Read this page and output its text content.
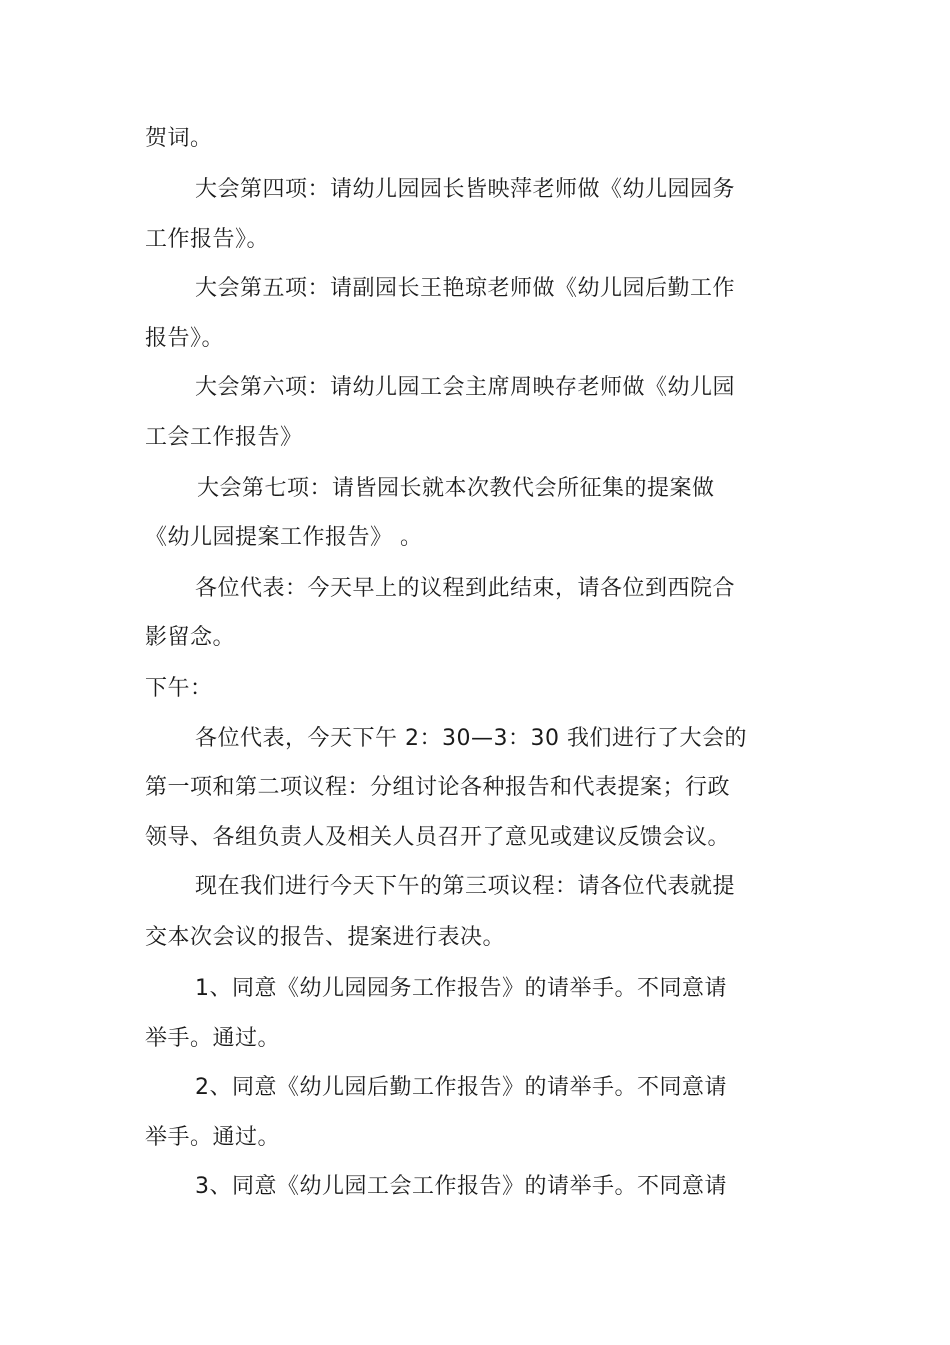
贺词。
大会第四项：请幼儿园园长皆映萍老师做《幼儿园园务
工作报告》。
大会第五项：请副园长王艳琼老师做《幼儿园后勤工作
报告》。
大会第六项：请幼儿园工会主席周映存老师做《幼儿园
工会工作报告》
大会第七项：请皆园长就本次教代会所征集的提案做
《幼儿园提案工作报告》 。
各位代表：今天早上的议程到此结束，请各位到西院合
影留念。
下午：
各位代表，今天下午 2：30—3：30 我们进行了大会的
第一项和第二项议程：分组讨论各种报告和代表提案；行政
领导、各组负责人及相关人员召开了意见或建议反馈会议。
现在我们进行今天下午的第三项议程：请各位代表就提
交本次会议的报告、提案进行表决。
1、同意《幼儿园园务工作报告》的请举手。不同意请
举手。通过。
2、同意《幼儿园后勤工作报告》的请举手。不同意请
举手。通过。
3、同意《幼儿园工会工作报告》的请举手。不同意请
